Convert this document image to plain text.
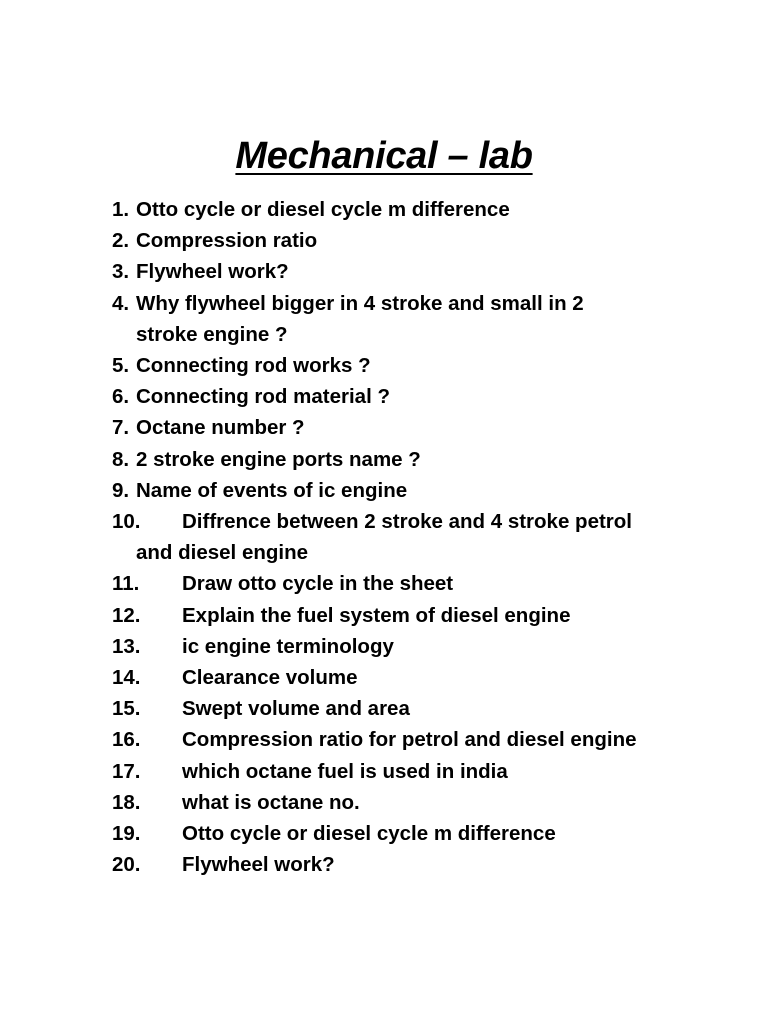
Mechanical – lab
1. Otto cycle or diesel cycle m difference
2. Compression ratio
3. Flywheel work?
4. Why flywheel bigger in 4 stroke and small in 2
stroke engine ?
5. Connecting rod works ?
6. Connecting rod material ?
7. Octane number ?
8. 2 stroke engine ports name ?
9. Name of events of ic engine
10. Diffrence between 2 stroke and 4 stroke petrol
and diesel engine
11. Draw otto cycle in the sheet
12. Explain the fuel system of diesel engine
13. ic engine terminology
14. Clearance volume
15. Swept volume and area
16. Compression ratio for petrol and diesel engine
17. which octane fuel is used in india
18. what is octane no.
19. Otto cycle or diesel cycle m difference
20. Flywheel work?
